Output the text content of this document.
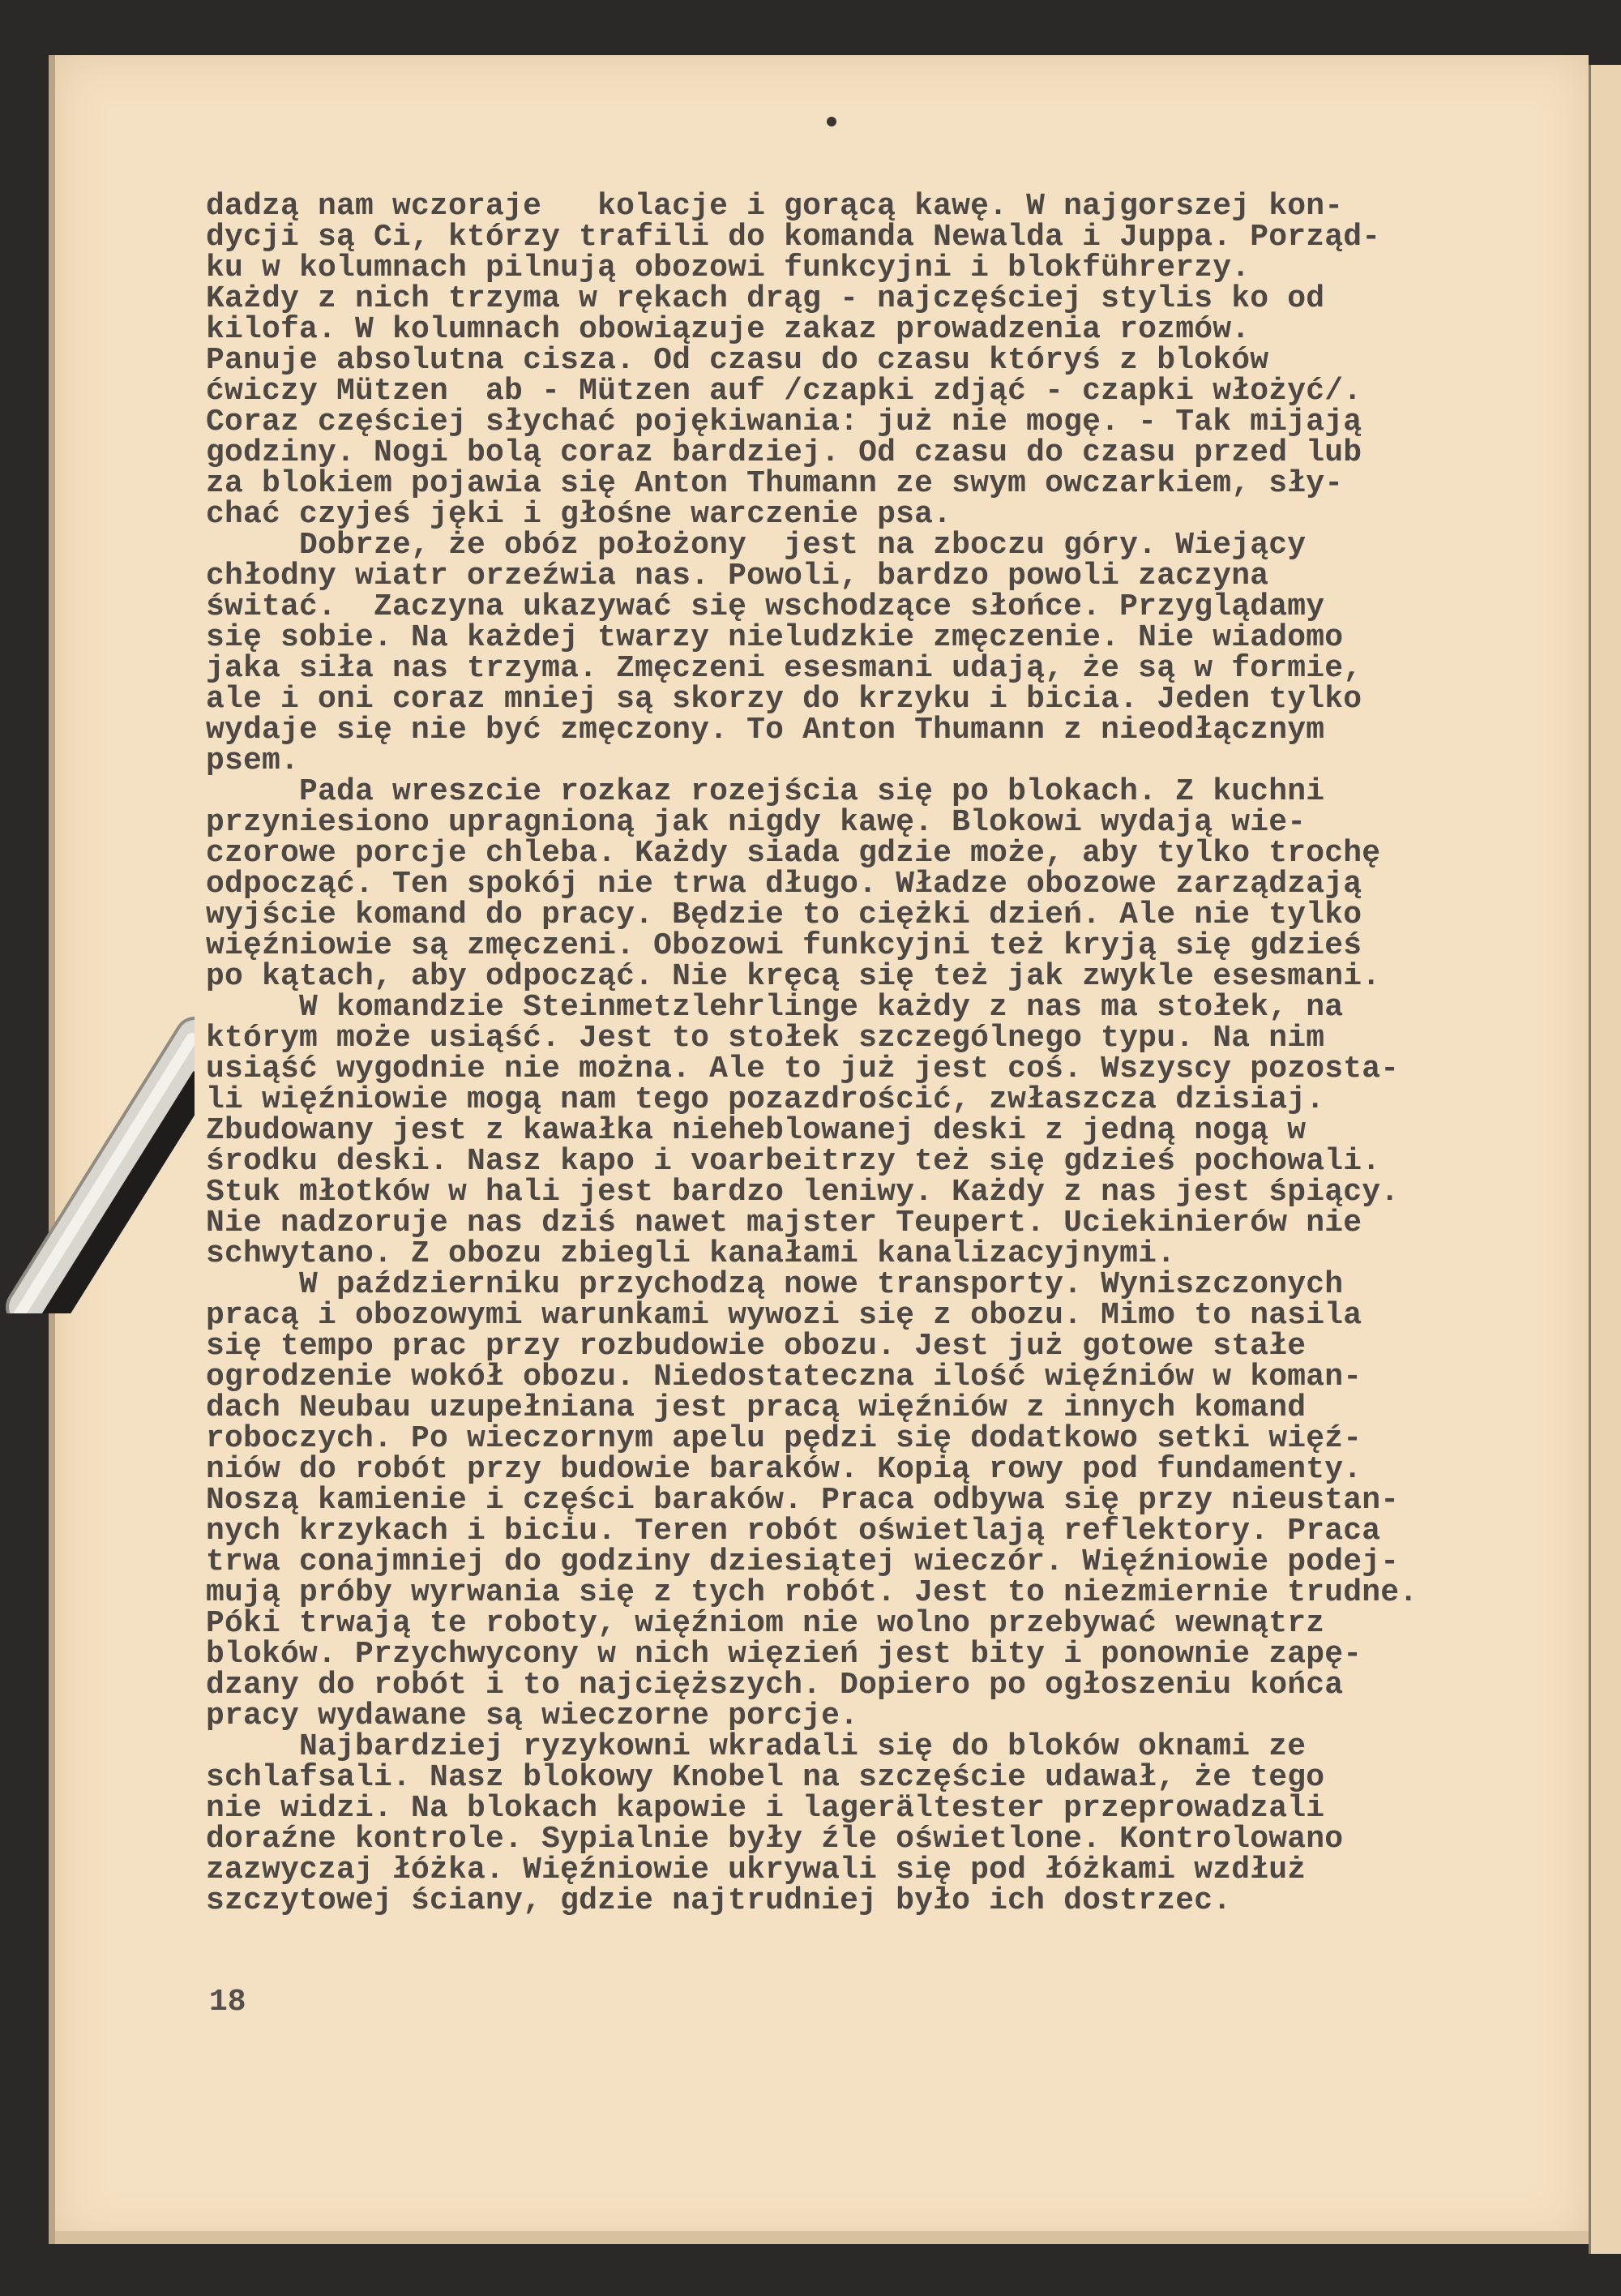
dadzą nam wczoraje   kolacje i gorącą kawę. W najgorszej kon-
dycji są Ci, którzy trafili do komanda Newalda i Juppa. Porząd-
ku w kolumnach pilnują obozowi funkcyjni i blokführerzy.
Każdy z nich trzyma w rękach drąg - najczęściej stylis ko od
kilofa. W kolumnach obowiązuje zakaz prowadzenia rozmów.
Panuje absolutna cisza. Od czasu do czasu któryś z bloków
ćwiczy Mützen  ab - Mützen auf /czapki zdjąć - czapki włożyć/.
Coraz częściej słychać pojękiwania: już nie mogę. - Tak mijają
godziny. Nogi bolą coraz bardziej. Od czasu do czasu przed lub
za blokiem pojawia się Anton Thumann ze swym owczarkiem, sły-
chać czyjeś jęki i głośne warczenie psa.
Dobrze, że obóz położony  jest na zboczu góry. Wiejący
chłodny wiatr orzeźwia nas. Powoli, bardzo powoli zaczyna
świtać.  Zaczyna ukazywać się wschodzące słońce. Przyglądamy
się sobie. Na każdej twarzy nieludzkie zmęczenie. Nie wiadomo
jaka siła nas trzyma. Zmęczeni esesmani udają, że są w formie,
ale i oni coraz mniej są skorzy do krzyku i bicia. Jeden tylko
wydaje się nie być zmęczony. To Anton Thumann z nieodłącznym
psem.
Pada wreszcie rozkaz rozejścia się po blokach. Z kuchni
przyniesiono upragnioną jak nigdy kawę. Blokowi wydają wie-
czorowe porcje chleba. Każdy siada gdzie może, aby tylko trochę
odpocząć. Ten spokój nie trwa długo. Władze obozowe zarządzają
wyjście komand do pracy. Będzie to ciężki dzień. Ale nie tylko
więźniowie są zmęczeni. Obozowi funkcyjni też kryją się gdzieś
po kątach, aby odpocząć. Nie kręcą się też jak zwykle esesmani.
W komandzie Steinmetzlehrlinge każdy z nas ma stołek, na
którym może usiąść. Jest to stołek szczególnego typu. Na nim
usiąść wygodnie nie można. Ale to już jest coś. Wszyscy pozosta-
li więźniowie mogą nam tego pozazdrościć, zwłaszcza dzisiaj.
Zbudowany jest z kawałka nieheblowanej deski z jedną nogą w
środku deski. Nasz kapo i voarbeitrzy też się gdzieś pochowali.
Stuk młotków w hali jest bardzo leniwy. Każdy z nas jest śpiący.
Nie nadzoruje nas dziś nawet majster Teupert. Uciekinierów nie
schwytano. Z obozu zbiegli kanałami kanalizacyjnymi.
W październiku przychodzą nowe transporty. Wyniszczonych
pracą i obozowymi warunkami wywozi się z obozu. Mimo to nasila
się tempo prac przy rozbudowie obozu. Jest już gotowe stałe
ogrodzenie wokół obozu. Niedostateczna ilość więźniów w koman-
dach Neubau uzupełniana jest pracą więźniów z innych komand
roboczych. Po wieczornym apelu pędzi się dodatkowo setki więź-
niów do robót przy budowie baraków. Kopią rowy pod fundamenty.
Noszą kamienie i części baraków. Praca odbywa się przy nieustan-
nych krzykach i biciu. Teren robót oświetlają reflektory. Praca
trwa conajmniej do godziny dziesiątej wieczór. Więźniowie podej-
mują próby wyrwania się z tych robót. Jest to niezmiernie trudne.
Póki trwają te roboty, więźniom nie wolno przebywać wewnątrz
bloków. Przychwycony w nich więzień jest bity i ponownie zapę-
dzany do robót i to najcięższych. Dopiero po ogłoszeniu końca
pracy wydawane są wieczorne porcje.
Najbardziej ryzykowni wkradali się do bloków oknami ze
schlafsali. Nasz blokowy Knobel na szczęście udawał, że tego
nie widzi. Na blokach kapowie i lagerältester przeprowadzali
doraźne kontrole. Sypialnie były źle oświetlone. Kontrolowano
zazwyczaj łóżka. Więźniowie ukrywali się pod łóżkami wzdłuż
szczytowej ściany, gdzie najtrudniej było ich dostrzec.
18
